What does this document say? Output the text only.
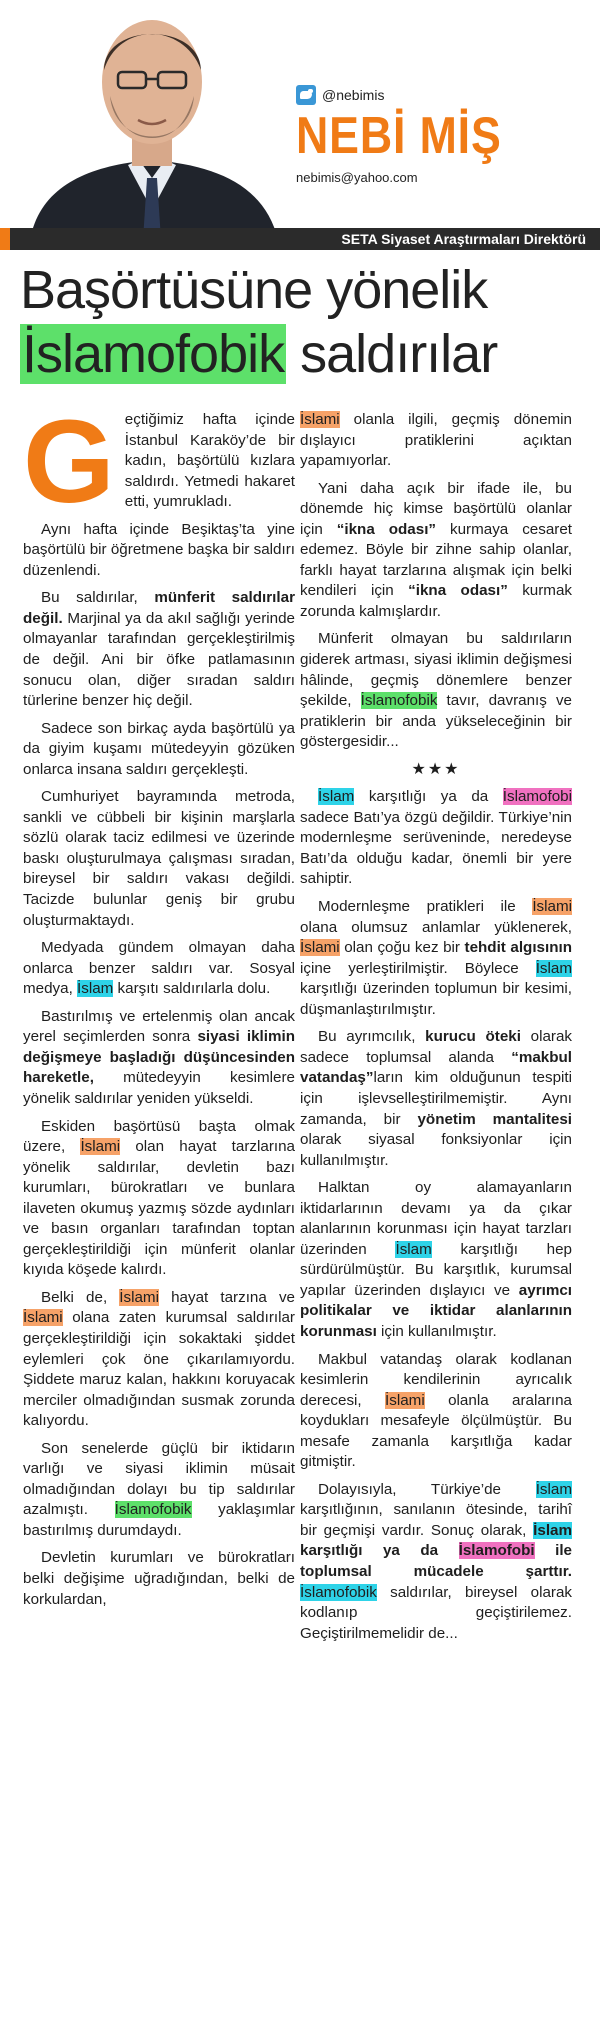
@nebimis
NEBİ MİŞ
nebimis@yahoo.com
SETA Siyaset Araştırmaları Direktörü
Başörtüsüne yönelik
İslamofobik saldırılar

Geçtiğimiz hafta içinde İstanbul Karaköy’de bir kadın, başörtülü kızlara saldırdı. Yetmedi hakaret etti, yumrukladı.

Aynı hafta içinde Beşiktaş’ta yine başörtülü bir öğretmene başka bir saldırı düzenlendi.

Bu saldırılar, münferit saldırılar değil. Marjinal ya da akıl sağlığı yerinde olmayanlar tarafından gerçekleştirilmiş de değil. Ani bir öfke patlamasının sonucu olan, diğer sıradan saldırı türlerine benzer hiç değil.

Sadece son birkaç ayda başörtülü ya da giyim kuşamı mütedeyyin gözüken onlarca insana saldırı gerçekleşti.

Cumhuriyet bayramında metroda, sankli ve cübbeli bir kişinin marşlarla sözlü olarak taciz edilmesi ve üzerinde baskı oluşturulmaya çalışması sıradan, bireysel bir saldırı vakası değildi. Tacizde bulunlar geniş bir grubu oluşturmaktaydı.

Medyada gündem olmayan daha onlarca benzer saldırı var. Sosyal medya, İslam karşıtı saldırılarla dolu.

Bastırılmış ve ertelenmiş olan ancak yerel seçimlerden sonra siyasi iklimin değişmeye başladığı düşüncesinden hareketle, mütedeyyin kesimlere yönelik saldırılar yeniden yükseldi.

Eskiden başörtüsü başta olmak üzere, İslami olan hayat tarzlarına yönelik saldırılar, devletin bazı kurumları, bürokratları ve bunlara ilaveten okumuş yazmış sözde aydınları ve basın organları tarafından toptan gerçekleştirildiği için münferit olanlar kıyıda köşede kalırdı.

Belki de, İslami hayat tarzına ve İslami olana zaten kurumsal saldırılar gerçekleştirildiği için sokaktaki şiddet eylemleri çok öne çıkarılamıyordu. Şiddete maruz kalan, hakkını koruyacak merciler olmadığından susmak zorunda kalıyordu.

Son senelerde güçlü bir iktidarın varlığı ve siyasi iklimin müsait olmadığından dolayı bu tip saldırılar azalmıştı. İslamofobik yaklaşımlar bastırılmış durumdaydı.

Devletin kurumları ve bürokratları belki değişime uğradığından, belki de korkulardan,

İslami olanla ilgili, geçmiş dönemin dışlayıcı pratiklerini açıktan yapamıyorlar.

Yani daha açık bir ifade ile, bu dönemde hiç kimse başörtülü olanlar için “ikna odası” kurmaya cesaret edemez. Böyle bir zihne sahip olanlar, farklı hayat tarzlarına alışmak için belki kendileri için “ikna odası” kurmak zorunda kalmışlardır.

Münferit olmayan bu saldırıların giderek artması, siyasi iklimin değişmesi hâlinde, geçmiş dönemlere benzer şekilde, İslamofobik tavır, davranış ve pratiklerin bir anda yükseleceğinin bir göstergesidir...

★★★

İslam karşıtlığı ya da İslamofobi sadece Batı’ya özgü değildir. Türkiye’nin modernleşme serüveninde, neredeyse Batı’da olduğu kadar, önemli bir yere sahiptir.

Modernleşme pratikleri ile İslami olana olumsuz anlamlar yüklenerek, İslami olan çoğu kez bir tehdit algısının içine yerleştirilmiştir. Böylece İslam karşıtlığı üzerinden toplumun bir kesimi, düşmanlaştırılmıştır.

Bu ayrımcılık, kurucu öteki olarak sadece toplumsal alanda “makbul vatandaş”ların kim olduğunun tespiti için işlevselleştirilmemiştir. Aynı zamanda, bir yönetim mantalitesi olarak siyasal fonksiyonlar için kullanılmıştır.

Halktan oy alamayanların iktidarlarının devamı ya da çıkar alanlarının korunması için hayat tarzları üzerinden İslam karşıtlığı hep sürdürülmüştür. Bu karşıtlık, kurumsal yapılar üzerinden dışlayıcı ve ayrımcı politikalar ve iktidar alanlarının korunması için kullanılmıştır.

Makbul vatandaş olarak kodlanan kesimlerin kendilerinin ayrıcalık derecesi, İslami olanla aralarına koydukları mesafeyle ölçülmüştür. Bu mesafe zamanla karşıtlığa kadar gitmiştir.

Dolayısıyla, Türkiye’de İslam karşıtlığının, sanılanın ötesinde, tarihî bir geçmişi vardır. Sonuç olarak, İslam karşıtlığı ya da İslamofobi ile toplumsal mücadele şarttır. İslamofobik saldırılar, bireysel olarak kodlanıp geçiştirilemez. Geçiştirilmemelidir de...
